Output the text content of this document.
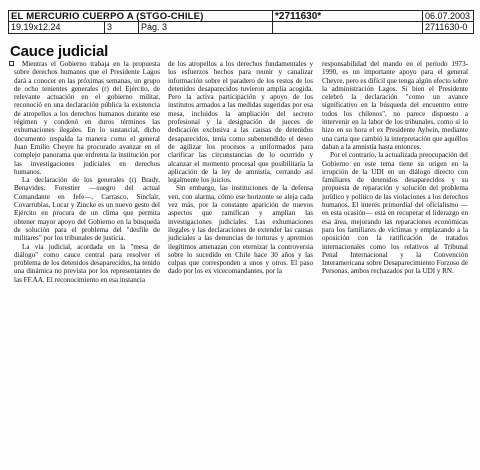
EL MERCURIO CUERPO A (STGO-CHILE)	*2711630*	06.07.2003
19.19x12.24	3	Pág. 3	2711630-0
Cauce judicial

Mientras el Gobierno trabaja en la propuesta sobre derechos humanos que el Presidente Lagos dará a conocer en las próximas semanas, un grupo de ocho tenientes generales (r) del Ejército, de relevante actuación en el gobierno militar, reconoció en una declaración pública la existencia de atropellos a los derechos humanos durante ese régimen y condenó en duros términos las exhumaciones ilegales. En lo sustancial, dicho documento respalda la manera como el general Juan Emilio Cheyre ha procurado avanzar en el complejo panorama que enfrenta la institución por las investigaciones judiciales en derechos humanos.

La declaración de los generales (r) Brady, Benavides, Forestier —suegro del actual Comandante en Jefe—, Carrasco, Sinclair, Covarrubias, Lucar y Zincke es un nuevo gesto del Ejército en procura de un clima que permita obtener mayor apoyo del Gobierno en la búsqueda de solución para el problema del "desfile de militares" por los tribunales de justicia.

La vía judicial, acordada en la "mesa de diálogo" como cauce central para resolver el problema de los detenidos desaparecidos, ha tenido una dinámica no prevista por los representantes de las FF.AA. El reconocimiento en esa instancia

de los atropellos a los derechos fundamentales y los esfuerzos hechos para reunir y canalizar información sobre el paradero de los restos de los detenidos desaparecidos tuvieron amplia acogida. Pero la activa participación y apoyo de los institutos armados a las medidas sugeridas por esa mesa, incluidos la ampliación del secreto profesional y la designación de jueces de dedicación exclusiva a las causas de detenidos desaparecidos, tenía como subentendido el deseo de agilizar los procesos a uniformados para clarificar las circunstancias de lo ocurrido y alcanzar el momento procesal que posibilitaría la aplicación de la ley de amnistía, cerrando así legalmente los juicios.

Sin embargo, las instituciones de la defensa ven, con alarma, cómo ese horizonte se aleja cada vez más, por la constante aparición de nuevos aspectos que ramifican y amplían las investigaciones judiciales. Las exhumaciones ilegales y las declaraciones de extender las causas judiciales a las denuncias de torturas y apremios ilegítimos amenazan con eternizar la controversia sobre lo sucedido en Chile hace 30 años y las culpas que corresponden a unos y otros. El paso dado por los ex vicecomandantes, por la

responsabilidad del mando en el período 1973-1990, es un importante apoyo para el general Cheyre, pero es difícil que tenga algún efecto sobre la administración Lagos. Si bien el Presidente celebró la declaración "como un avance significativo en la búsqueda del encuentro entre todos los chilenos", no parece dispuesto a intervenir en la labor de los tribunales, como sí lo hizo en su hora el ex Presidente Aylwin, mediante una carta que cambió la interpretación que aquéllos daban a la amnistía hasta entonces.

Por el contrario, la actualizada preocupación del Gobierno en este tema tiene su origen en la irrupción de la UDI en un diálogo directo con familiares de detenidos desaparecidos y su propuesta de reparación y solución del problema jurídico y político de las violaciones a los derechos humanos. El interés primordial del oficialismo —en esta ocasión— está en recuperar el liderazgo en esa área, mejorando las reparaciones económicas para los familiares de víctimas y emplazando a la oposición con la ratificación de tratados internacionales como los relativos al Tribunal Penal Internacional y la Convención Interamericana sobre Desaparecimiento Forzoso de Personas, ambos rechazados por la UDI y RN.
